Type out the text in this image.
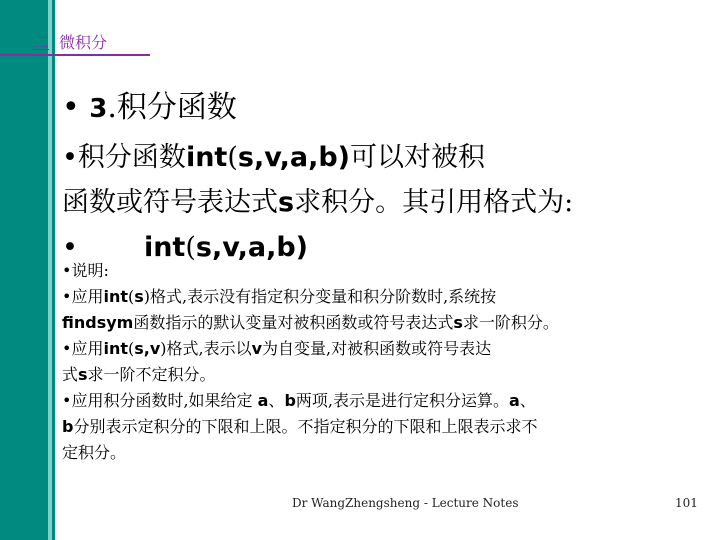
二 微积分
• 3.积分函数
•积分函数int(s,v,a,b)可以对被积
函数或符号表达式s求积分。其引用格式为:
• int(s,v,a,b)
•说明:
•应用int(s)格式,表示没有指定积分变量和积分阶数时,系统按
findsym函数指示的默认变量对被积函数或符号表达式s求一阶积分。
•应用int(s,v)格式,表示以v为自变量,对被积函数或符号表达
式s求一阶不定积分。
•应用积分函数时,如果给定 a、b两项,表示是进行定积分运算。a、
b分别表示定积分的下限和上限。不指定积分的下限和上限表示求不
定积分。
Dr WangZhengsheng - Lecture Notes	101
